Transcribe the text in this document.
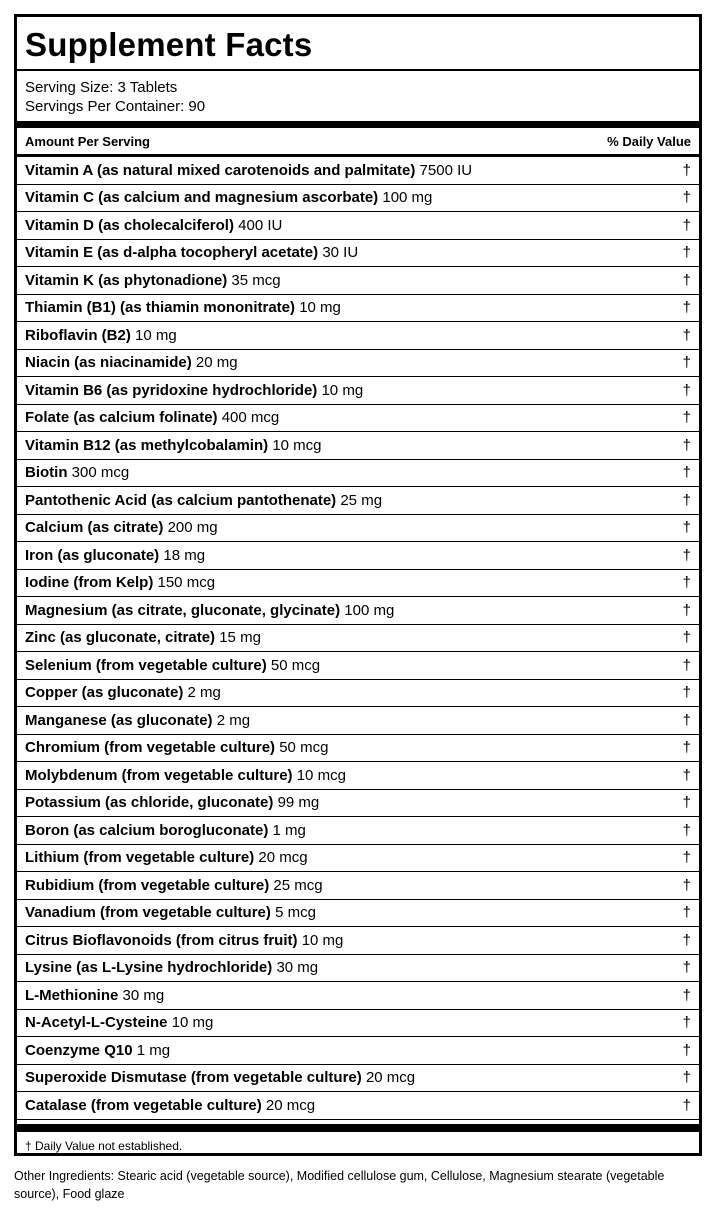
Supplement Facts
Serving Size: 3 Tablets
Servings Per Container: 90
Amount Per Serving	% Daily Value
Vitamin A (as natural mixed carotenoids and palmitate) 7500 IU	†
Vitamin C (as calcium and magnesium ascorbate) 100 mg	†
Vitamin D (as cholecalciferol) 400 IU	†
Vitamin E (as d-alpha tocopheryl acetate) 30 IU	†
Vitamin K (as phytonadione) 35 mcg	†
Thiamin (B1) (as thiamin mononitrate) 10 mg	†
Riboflavin (B2) 10 mg	†
Niacin (as niacinamide) 20 mg	†
Vitamin B6 (as pyridoxine hydrochloride) 10 mg	†
Folate (as calcium folinate) 400 mcg	†
Vitamin B12 (as methylcobalamin) 10 mcg	†
Biotin 300 mcg	†
Pantothenic Acid (as calcium pantothenate) 25 mg	†
Calcium (as citrate) 200 mg	†
Iron (as gluconate) 18 mg	†
Iodine (from Kelp) 150 mcg	†
Magnesium (as citrate, gluconate, glycinate) 100 mg	†
Zinc (as gluconate, citrate) 15 mg	†
Selenium (from vegetable culture) 50 mcg	†
Copper (as gluconate) 2 mg	†
Manganese (as gluconate) 2 mg	†
Chromium (from vegetable culture) 50 mcg	†
Molybdenum (from vegetable culture) 10 mcg	†
Potassium (as chloride, gluconate) 99 mg	†
Boron (as calcium borogluconate) 1 mg	†
Lithium (from vegetable culture) 20 mcg	†
Rubidium (from vegetable culture) 25 mcg	†
Vanadium (from vegetable culture) 5 mcg	†
Citrus Bioflavonoids (from citrus fruit) 10 mg	†
Lysine (as L-Lysine hydrochloride) 30 mg	†
L-Methionine 30 mg	†
N-Acetyl-L-Cysteine 10 mg	†
Coenzyme Q10 1 mg	†
Superoxide Dismutase (from vegetable culture) 20 mcg	†
Catalase (from vegetable culture) 20 mcg	†
† Daily Value not established.
Other Ingredients: Stearic acid (vegetable source), Modified cellulose gum, Cellulose, Magnesium stearate (vegetable source), Food glaze
